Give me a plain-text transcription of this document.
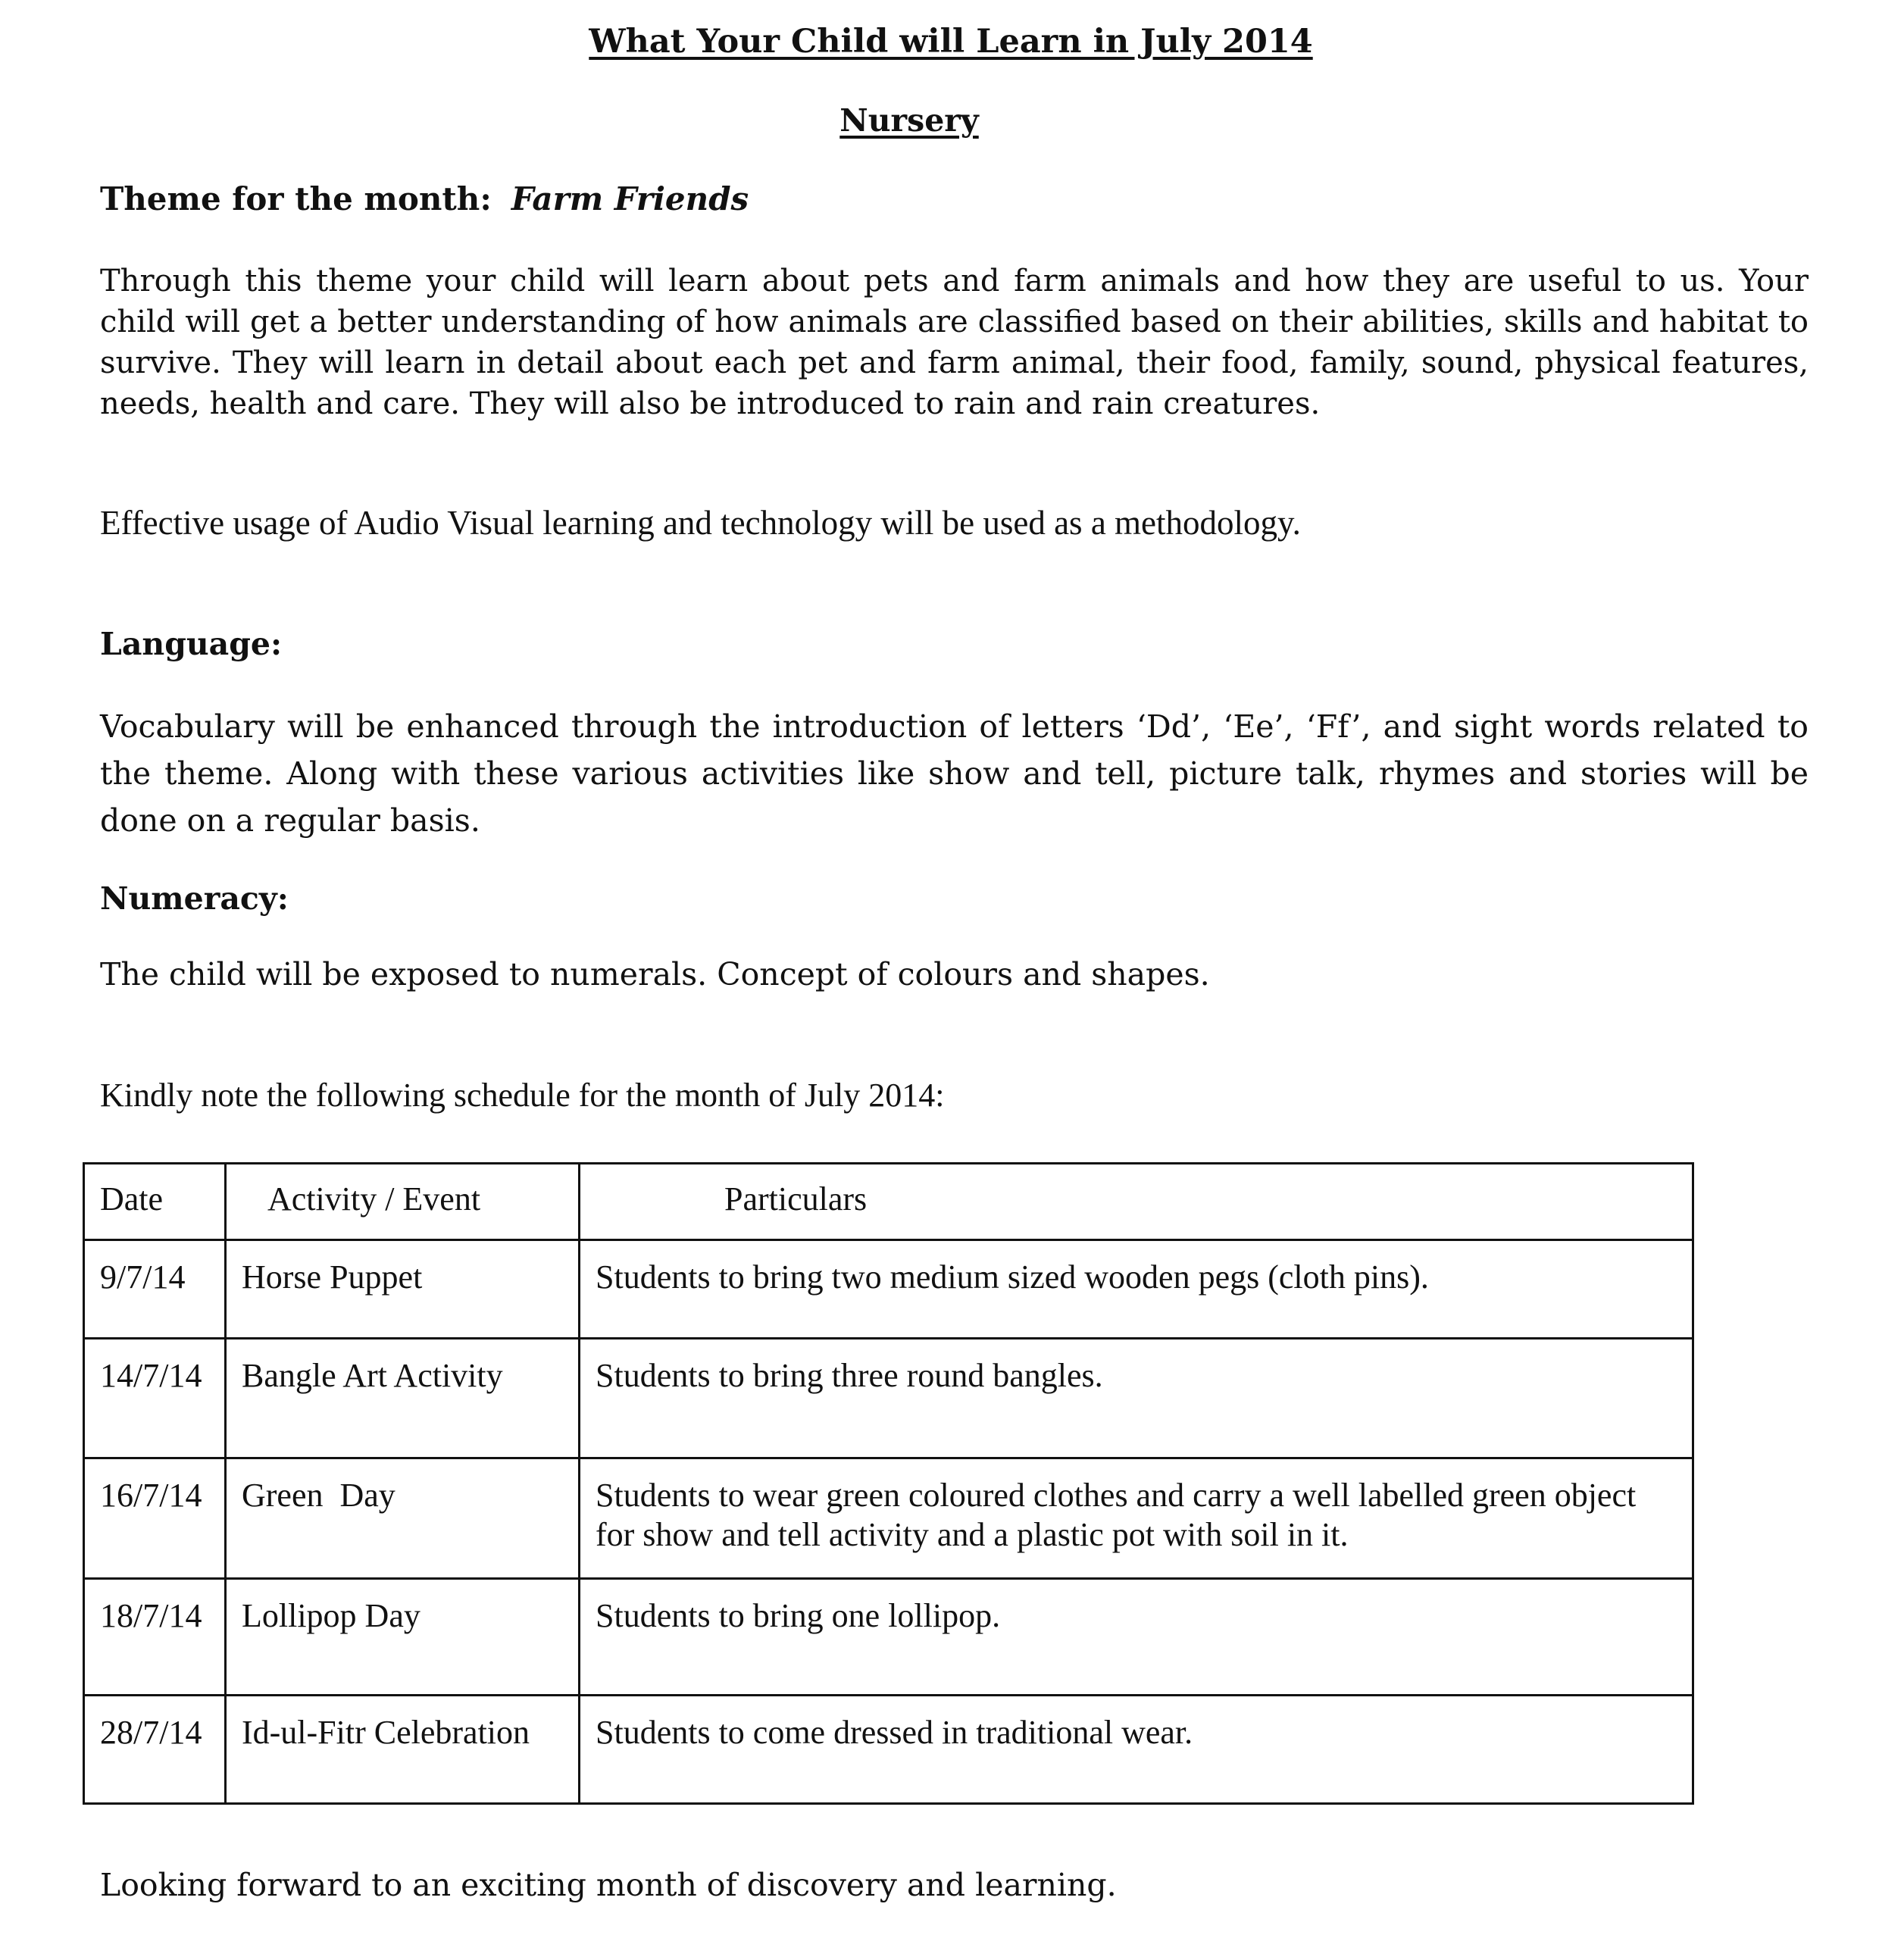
What Your Child will Learn in July 2014
Nursery

Theme for the month: Farm Friends

Through this theme your child will learn about pets and farm animals and how they are useful to us. Your child will get a better understanding of how animals are classified based on their abilities, skills and habitat to survive. They will learn in detail about each pet and farm animal, their food, family, sound, physical features, needs, health and care. They will also be introduced to rain and rain creatures.

Effective usage of Audio Visual learning and technology will be used as a methodology.

Language:

Vocabulary will be enhanced through the introduction of letters ‘Dd’, ‘Ee’, ‘Ff’, and sight words related to the theme. Along with these various activities like show and tell, picture talk, rhymes and stories will be done on a regular basis.

Numeracy:

The child will be exposed to numerals. Concept of colours and shapes.

Kindly note the following schedule for the month of July 2014:

Date	Activity / Event	Particulars
9/7/14	Horse Puppet	Students to bring two medium sized wooden pegs (cloth pins).
14/7/14	Bangle Art Activity	Students to bring three round bangles.
16/7/14	Green  Day	Students to wear green coloured clothes and carry a well labelled green object for show and tell activity and a plastic pot with soil in it.
18/7/14	Lollipop Day	Students to bring one lollipop.
28/7/14	Id-ul-Fitr Celebration	Students to come dressed in traditional wear.

Looking forward to an exciting month of discovery and learning.
